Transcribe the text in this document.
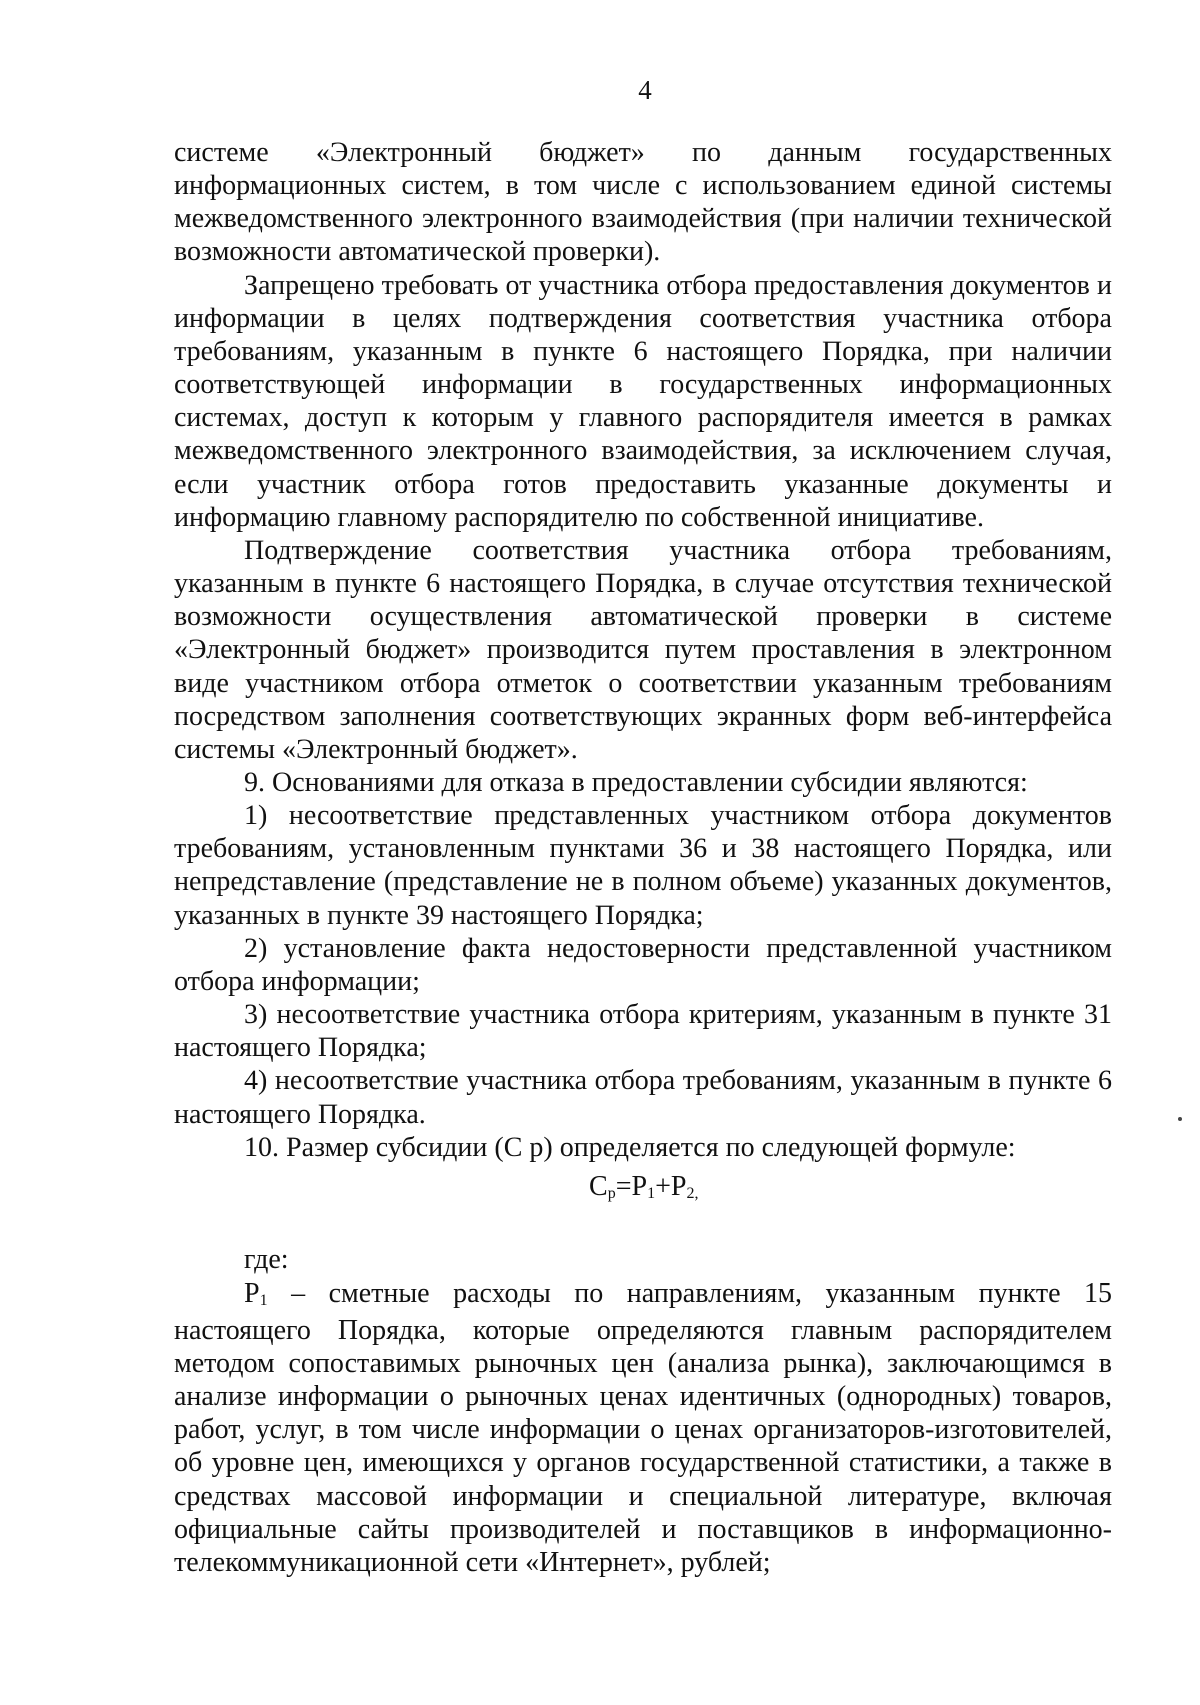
4

системе «Электронный бюджет» по данным государственных информационных систем, в том числе с использованием единой системы межведомственного электронного взаимодействия (при наличии технической возможности автоматической проверки).

Запрещено требовать от участника отбора предоставления документов и информации в целях подтверждения соответствия участника отбора требованиям, указанным в пункте 6 настоящего Порядка, при наличии соответствующей информации в государственных информационных системах, доступ к которым у главного распорядителя имеется в рамках межведомственного электронного взаимодействия, за исключением случая, если участник отбора готов предоставить указанные документы и информацию главному распорядителю по собственной инициативе.

Подтверждение соответствия участника отбора требованиям, указанным в пункте 6 настоящего Порядка, в случае отсутствия технической возможности осуществления автоматической проверки в системе «Электронный бюджет» производится путем проставления в электронном виде участником отбора отметок о соответствии указанным требованиям посредством заполнения соответствующих экранных форм веб-интерфейса системы «Электронный бюджет».

9. Основаниями для отказа в предоставлении субсидии являются:

1) несоответствие представленных участником отбора документов требованиям, установленным пунктами 36 и 38 настоящего Порядка, или непредставление (представление не в полном объеме) указанных документов, указанных в пункте 39 настоящего Порядка;

2) установление факта недостоверности представленной участником отбора информации;

3) несоответствие участника отбора критериям, указанным в пункте 31 настоящего Порядка;

4) несоответствие участника отбора требованиям, указанным в пункте 6 настоящего Порядка.

10. Размер субсидии (С р) определяется по следующей формуле:

$С_р=Р_1+Р_{2,}$
где:

Р1 – сметные расходы по направлениям, указанным пункте 15 настоящего Порядка, которые определяются главным распорядителем методом сопоставимых рыночных цен (анализа рынка), заключающимся в анализе информации о рыночных ценах идентичных (однородных) товаров, работ, услуг, в том числе информации о ценах организаторов-изготовителей, об уровне цен, имеющихся у органов государственной статистики, а также в средствах массовой информации и специальной литературе, включая официальные сайты производителей и поставщиков в информационно-телекоммуникационной сети «Интернет», рублей;
